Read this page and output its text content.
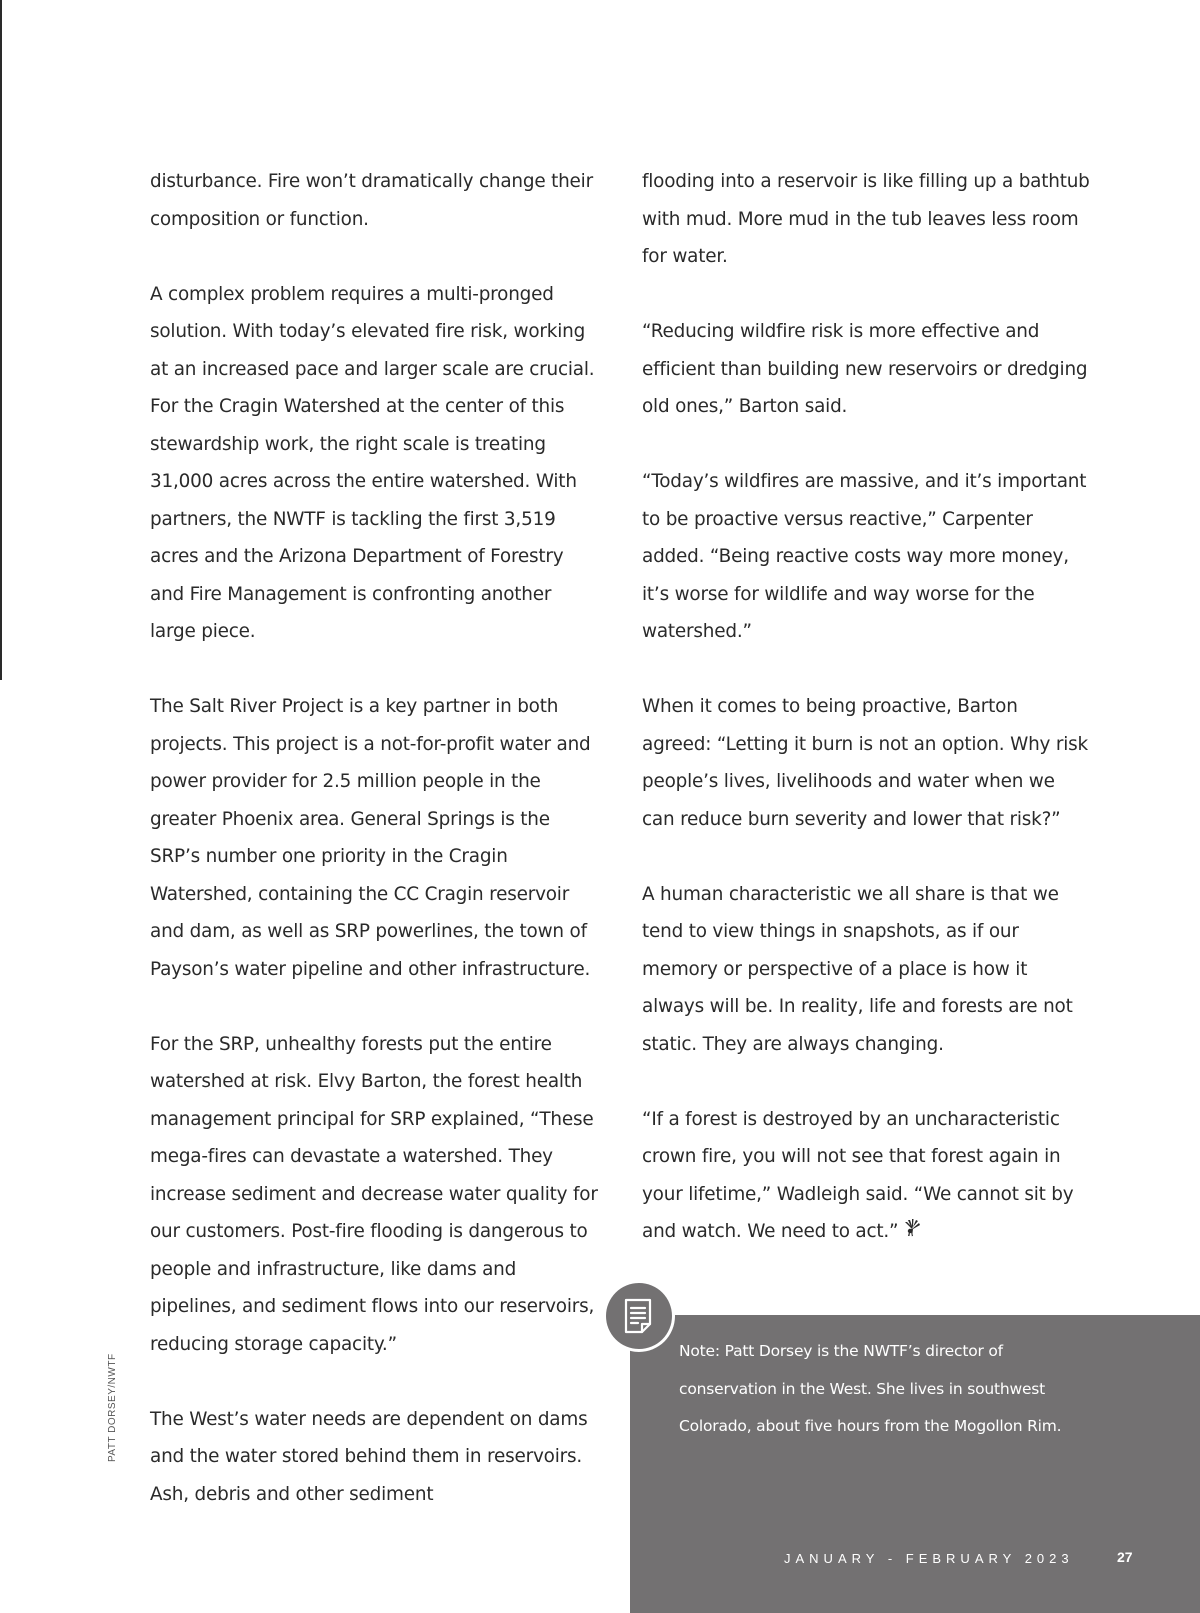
disturbance. Fire won’t dramatically change their composition or function.

A complex problem requires a multi-pronged solution. With today’s elevated fire risk, working at an increased pace and larger scale are crucial. For the Cragin Watershed at the center of this stewardship work, the right scale is treating 31,000 acres across the entire watershed. With partners, the NWTF is tackling the first 3,519 acres and the Arizona Department of Forestry and Fire Management is confronting another large piece.

The Salt River Project is a key partner in both projects. This project is a not-for-profit water and power provider for 2.5 million people in the greater Phoenix area. General Springs is the SRP’s number one priority in the Cragin Watershed, containing the CC Cragin reservoir and dam, as well as SRP powerlines, the town of Payson’s water pipeline and other infrastructure.

For the SRP, unhealthy forests put the entire watershed at risk. Elvy Barton, the forest health management principal for SRP explained, “These mega-fires can devastate a watershed. They increase sediment and decrease water quality for our customers. Post-fire flooding is dangerous to people and infrastructure, like dams and pipelines, and sediment flows into our reservoirs, reducing storage capacity.”

The West’s water needs are dependent on dams and the water stored behind them in reservoirs. Ash, debris and other sediment

flooding into a reservoir is like filling up a bathtub with mud. More mud in the tub leaves less room for water.

“Reducing wildfire risk is more effective and efficient than building new reservoirs or dredging old ones,” Barton said.

“Today’s wildfires are massive, and it’s important to be proactive versus reactive,” Carpenter added. “Being reactive costs way more money, it’s worse for wildlife and way worse for the watershed.”

When it comes to being proactive, Barton agreed: “Letting it burn is not an option. Why risk people’s lives, livelihoods and water when we can reduce burn severity and lower that risk?”

A human characteristic we all share is that we tend to view things in snapshots, as if our memory or perspective of a place is how it always will be. In reality, life and forests are not static. They are always changing.

“If a forest is destroyed by an uncharacteristic crown fire, you will not see that forest again in your lifetime,” Wadleigh said. “We cannot sit by and watch. We need to act.”

PATT DORSEY/NWTF
Note: Patt Dorsey is the NWTF’s director of conservation in the West. She lives in southwest Colorado, about five hours from the Mogollon Rim.
JANUARY - FEBRUARY 2023	27
